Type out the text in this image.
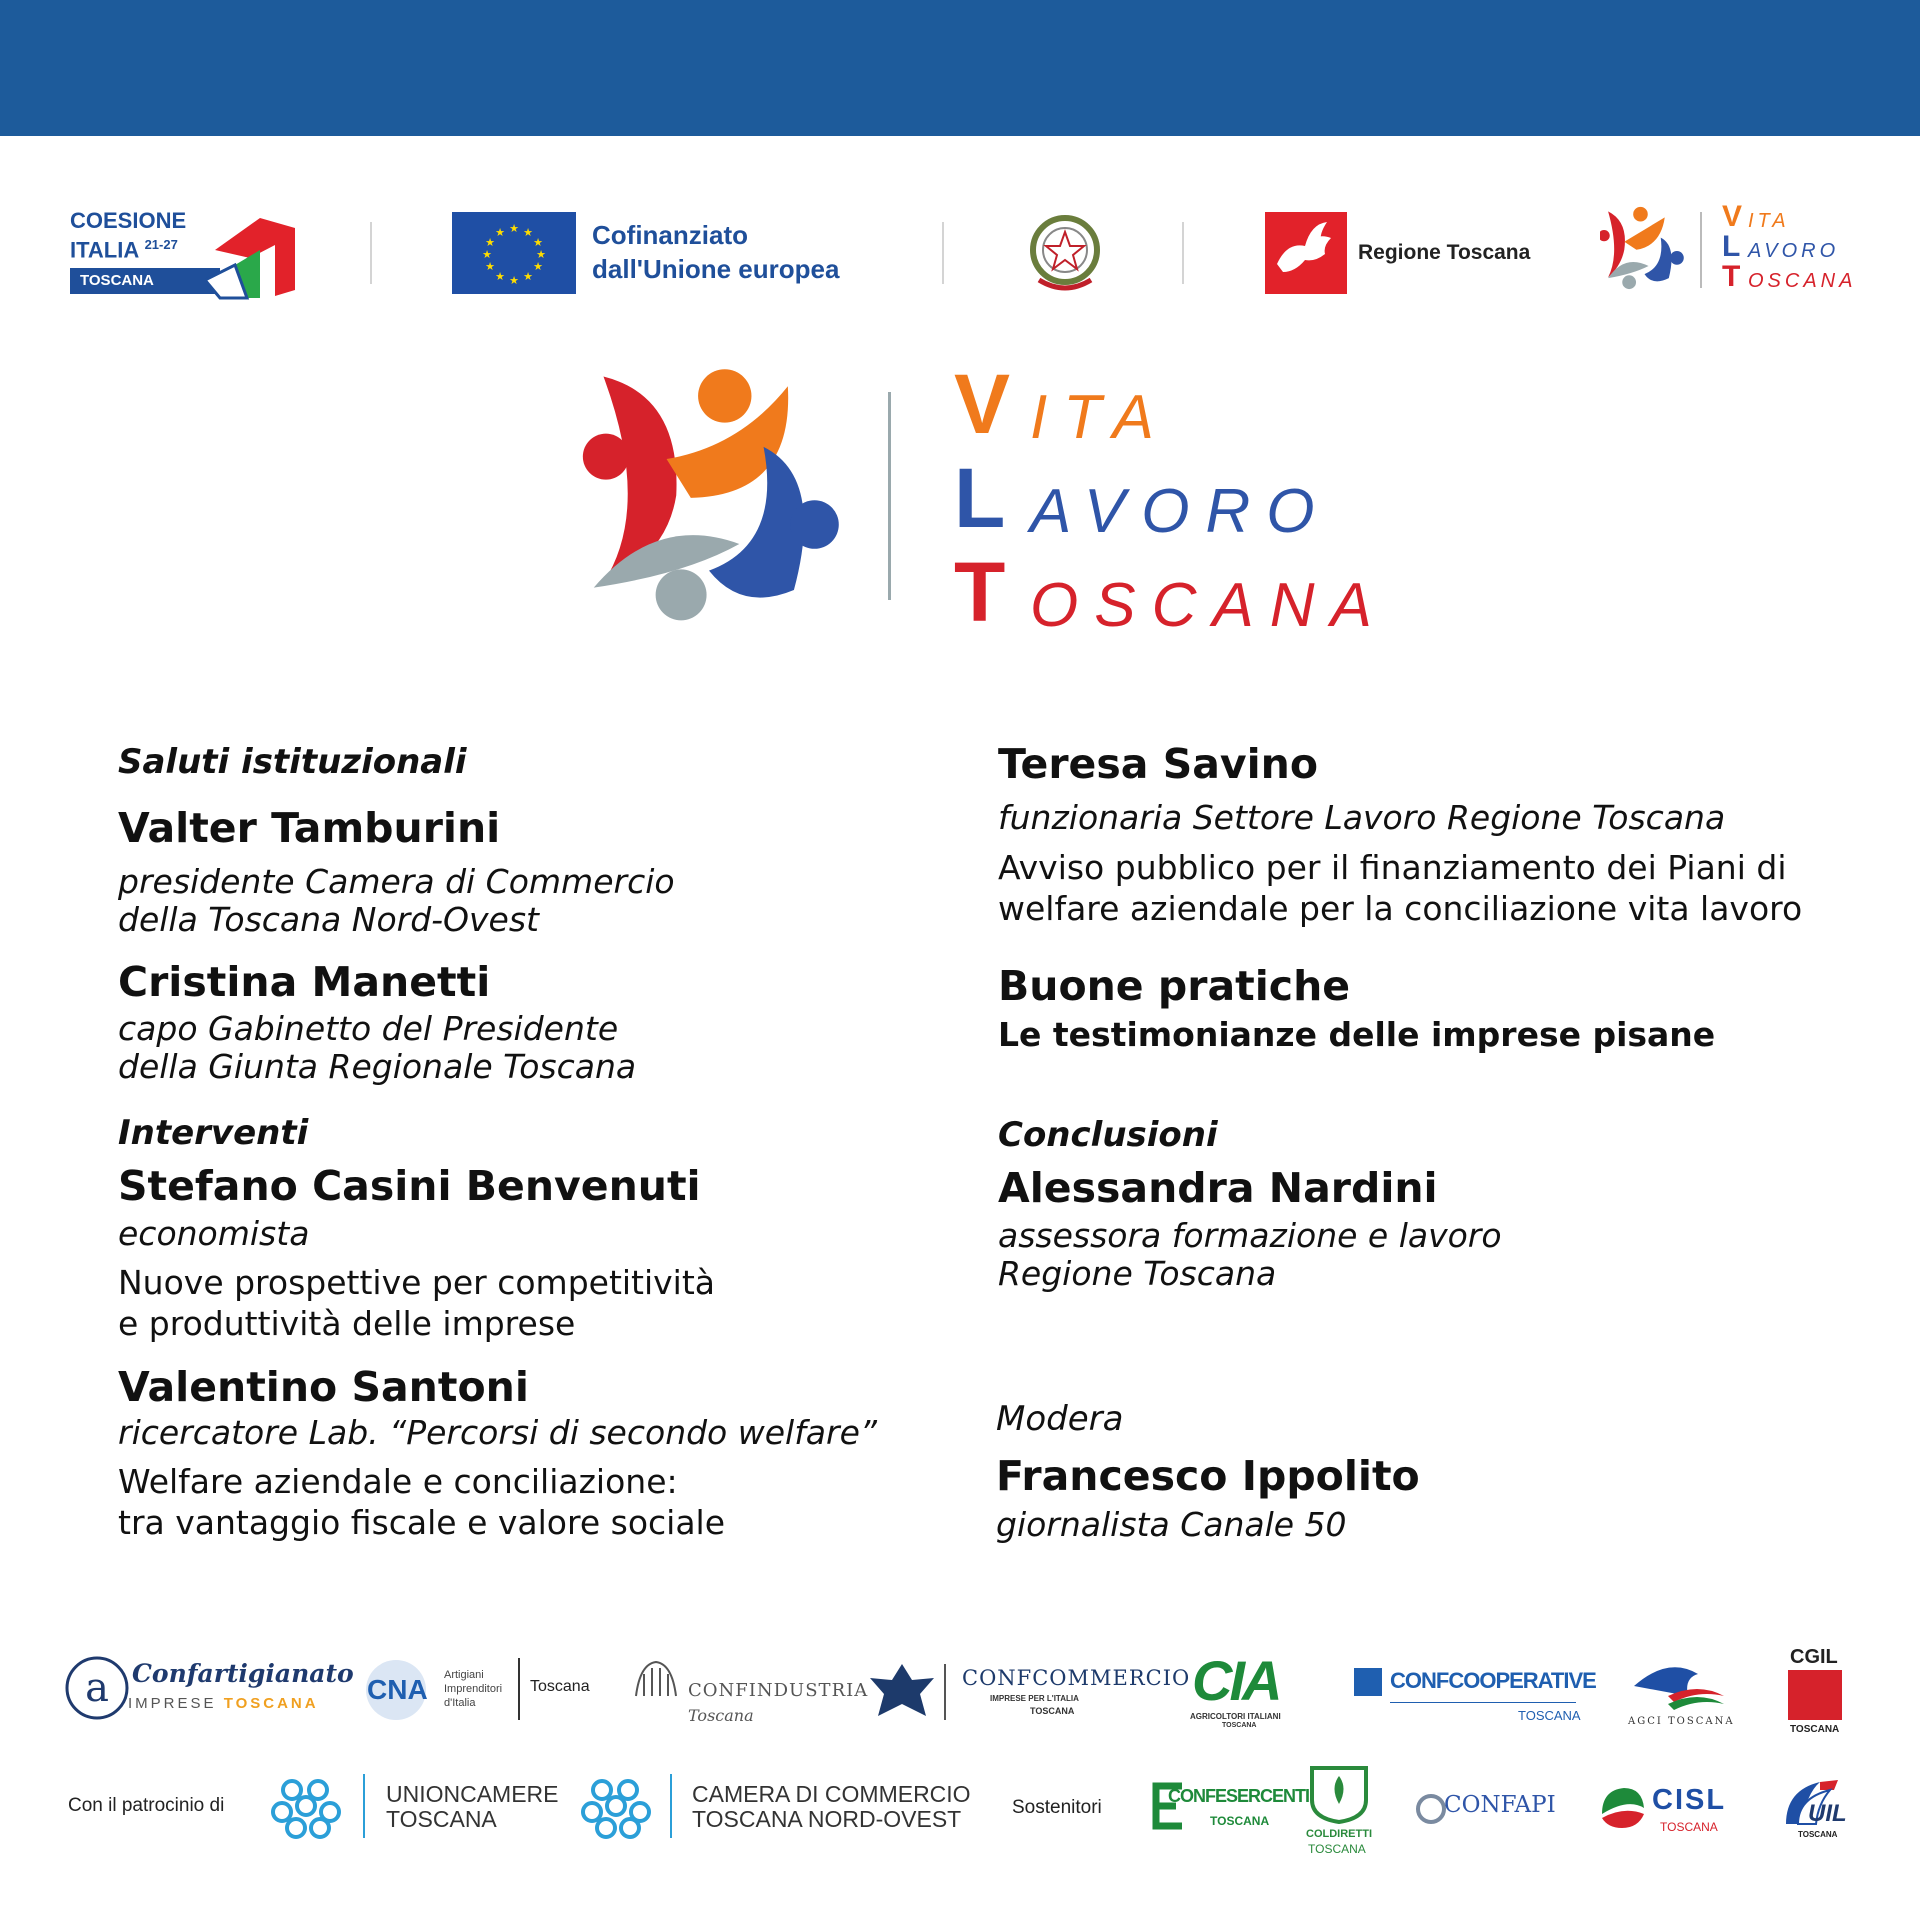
COESIONE
ITALIA $^{21-27}$
TOSCANA
★ ★
★
★
★
★
★
★
★
★
★
★	Cofinanziato
dall'Unione europea
Regione Toscana
V ITA
L AVORO
T OSCANA
V ITA
L AVORO
T OSCANA
Saluti istituzionali
Valter Tamburini
presidente Camera di Commercio
della Toscana Nord-Ovest
Cristina Manetti
capo Gabinetto del Presidente
della Giunta Regionale Toscana
Interventi
Stefano Casini Benvenuti
economista
Nuove prospettive per competitività
e produttività delle imprese
Valentino Santoni
ricercatore Lab. “Percorsi di secondo welfare”
Welfare aziendale e conciliazione:
tra vantaggio fiscale e valore sociale
Teresa Savino
funzionaria Settore Lavoro Regione Toscana
Avviso pubblico per il finanziamento dei Piani di
welfare aziendale per la conciliazione vita lavoro
Buone pratiche
Le testimonianze delle imprese pisane
Conclusioni
Alessandra Nardini
assessora formazione e lavoro
Regione Toscana
Modera
Francesco Ippolito
giornalista Canale 50
a Confartigianato
IMPRESE TOSCANA CNA Artigiani Imprenditori d'Italia
Toscana	CONFINDUSTRIA
Toscana
CONFCOMMERCIO
IMPRESE PER L'ITALIA
TOSCANA CIA
AGRICOLTORI ITALIANI
TOSCANA
CONFCOOPERATIVE
TOSCANA	AGCI TOSCANA
CGIL
TOSCANA
Con il patrocinio di	UNIONCAMERE
TOSCANA
CAMERA DI COMMERCIO
TOSCANA NORD-OVEST	Sostenitori
CONFESERCENTI
TOSCANA
COLDIRETTI
TOSCANA
CONFAPI	CISL
TOSCANA	UIL
TOSCANA
